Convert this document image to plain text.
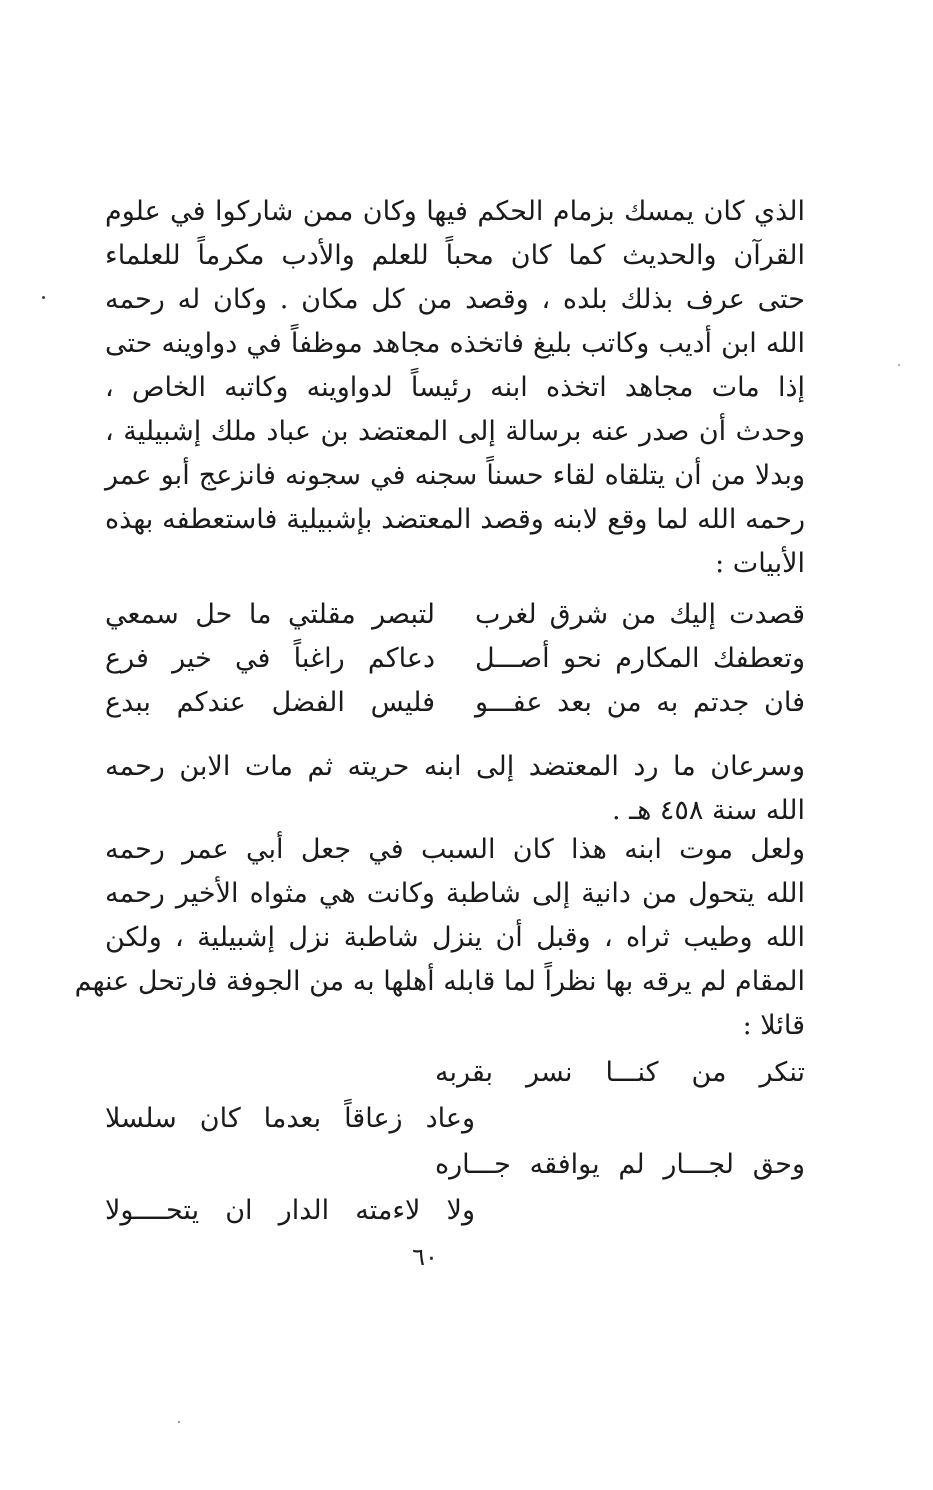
الذي كان يمسك بزمام الحكم فيها وكان ممن شاركوا في علوم
القرآن والحديث كما كان محباً للعلم والأدب مكرماً للعلماء
حتى عرف بذلك بلده ، وقصد من كل مكان . وكان له رحمه
الله ابن أديب وكاتب بليغ فاتخذه مجاهد موظفاً في دواوينه حتى
إذا مات مجاهد اتخذه ابنه رئيساً لدواوينه وكاتبه الخاص ،
وحدث أن صدر عنه برسالة إلى المعتضد بن عباد ملك إشبيلية ،
وبدلا من أن يتلقاه لقاء حسناً سجنه في سجونه فانزعج أبو عمر
رحمه الله لما وقع لابنه وقصد المعتضد بإشبيلية فاستعطفه بهذه
الأبيات :
قصدت إليك من شرق لغرب
لتبصر مقلتي ما حل سمعي
وتعطفك المكارم نحو أصـــل
دعاكم راغباً في خير فرع
فان جدتم به من بعد عفـــو
فليس الفضل عندكم ببدع
وسرعان ما رد المعتضد إلى ابنه حريته ثم مات الابن رحمه
الله سنة ٤٥٨ هـ .
ولعل موت ابنه هذا كان السبب في جعل أبي عمر رحمه
الله يتحول من دانية إلى شاطبة وكانت هي مثواه الأخير رحمه
الله وطيب ثراه ، وقبل أن ينزل شاطبة نزل إشبيلية ، ولكن
المقام لم يرقه بها نظراً لما قابله أهلها به من الجوفة فارتحل عنهم
قائلا :
تنكر من كنـــا نسر بقربه
وعاد زعاقاً بعدما كان سلسلا
وحق لجـــار لم يوافقه جـــاره
ولا لاءمته الدار ان يتحــــولا
٦٠
